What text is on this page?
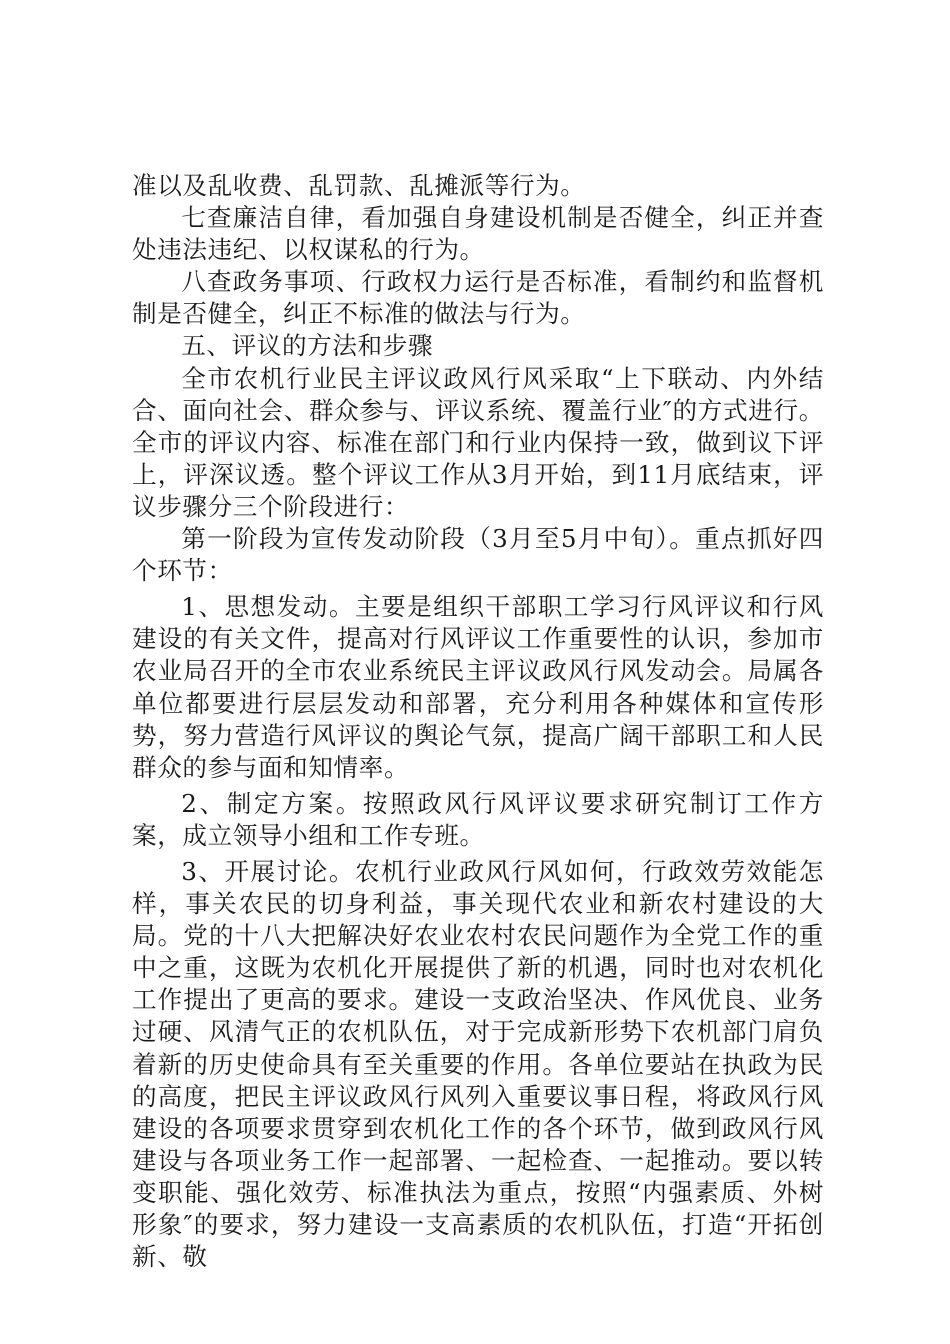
准以及乱收费、乱罚款、乱摊派等行为。

七查廉洁自律，看加强自身建设机制是否健全，纠正并查处违法违纪、以权谋私的行为。

八查政务事项、行政权力运行是否标准，看制约和监督机制是否健全，纠正不标准的做法与行为。

五、评议的方法和步骤

全市农机行业民主评议政风行风采取“上下联动、内外结合、面向社会、群众参与、评议系统、覆盖行业″的方式进行。全市的评议内容、标准在部门和行业内保持一致，做到议下评上，评深议透。整个评议工作从3月开始，到11月底结束，评议步骤分三个阶段进行：

第一阶段为宣传发动阶段（3月至5月中旬）。重点抓好四个环节：

1、思想发动。主要是组织干部职工学习行风评议和行风建设的有关文件，提高对行风评议工作重要性的认识，参加市农业局召开的全市农业系统民主评议政风行风发动会。局属各单位都要进行层层发动和部署，充分利用各种媒体和宣传形势，努力营造行风评议的舆论气氛，提高广阔干部职工和人民群众的参与面和知情率。

2、制定方案。按照政风行风评议要求研究制订工作方案，成立领导小组和工作专班。

3、开展讨论。农机行业政风行风如何，行政效劳效能怎样，事关农民的切身利益，事关现代农业和新农村建设的大局。党的十八大把解决好农业农村农民问题作为全党工作的重中之重，这既为农机化开展提供了新的机遇，同时也对农机化工作提出了更高的要求。建设一支政治坚决、作风优良、业务过硬、风清气正的农机队伍，对于完成新形势下农机部门肩负着新的历史使命具有至关重要的作用。各单位要站在执政为民的高度，把民主评议政风行风列入重要议事日程，将政风行风建设的各项要求贯穿到农机化工作的各个环节，做到政风行风建设与各项业务工作一起部署、一起检查、一起推动。要以转变职能、强化效劳、标准执法为重点，按照“内强素质、外树形象″的要求，努力建设一支高素质的农机队伍，打造“开拓创新、敬
